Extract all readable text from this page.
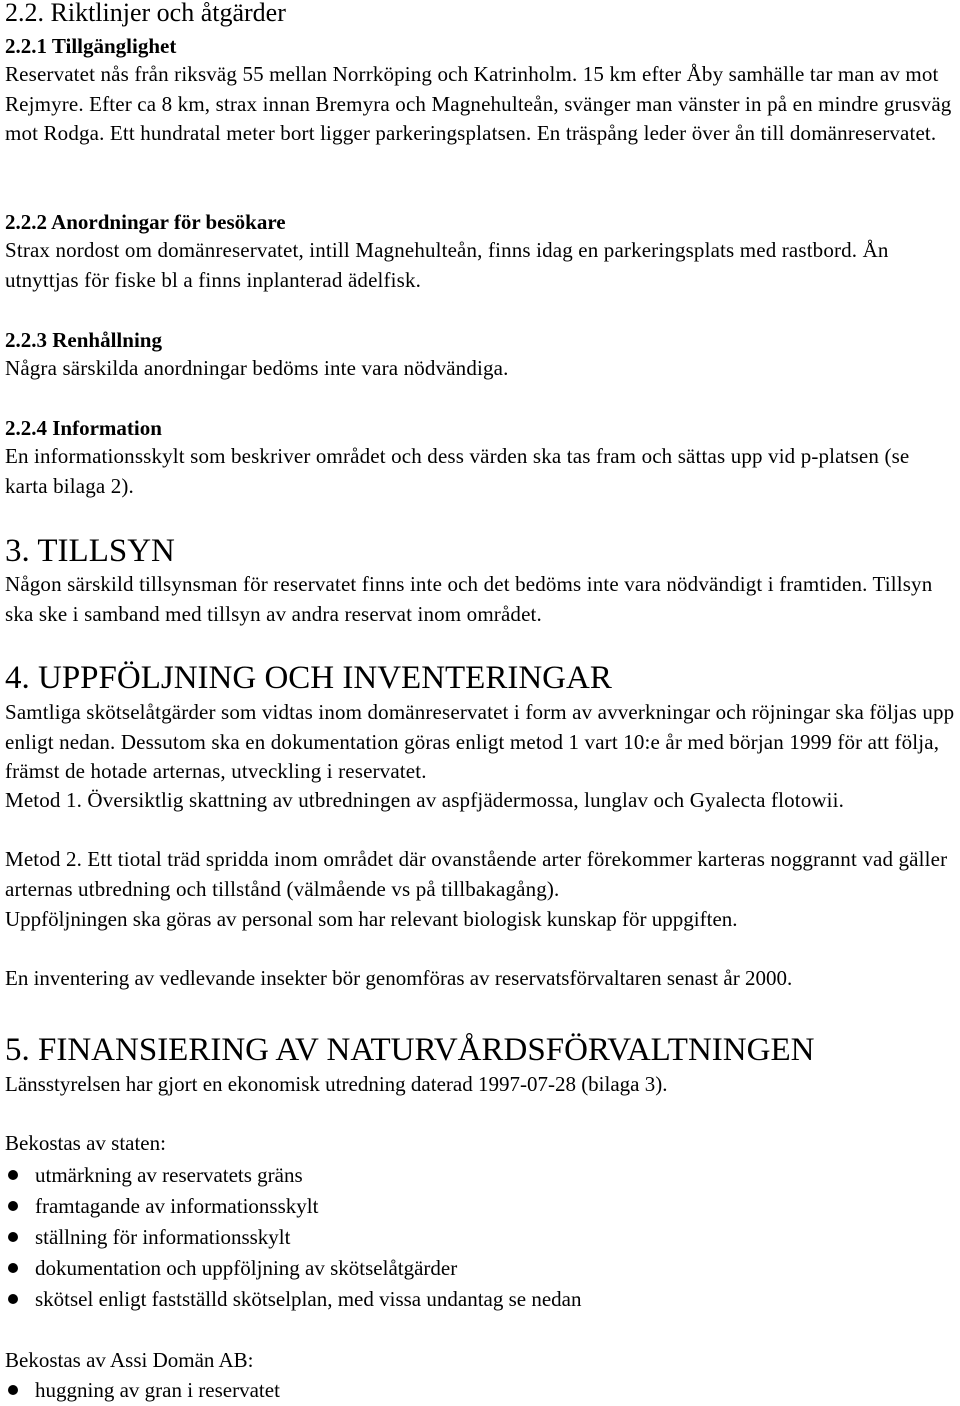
2.2. Riktlinjer och åtgärder
2.2.1 Tillgänglighet
Reservatet nås från riksväg 55 mellan Norrköping och Katrinholm. 15 km efter Åby samhälle tar man av mot Rejmyre. Efter ca 8 km, strax innan Bremyra och Magnehulteån, svänger man vänster in på en mindre grusväg mot Rodga. Ett hundratal meter bort ligger parkeringsplatsen. En träspång leder över ån till domänreservatet.
2.2.2 Anordningar för besökare
Strax nordost om domänreservatet, intill Magnehulteån, finns idag en parkeringsplats med rastbord. Ån utnyttjas för fiske bl a finns inplanterad ädelfisk.
2.2.3 Renhållning
Några särskilda anordningar bedöms inte vara nödvändiga.
2.2.4 Information
En informationsskylt som beskriver området och dess värden ska tas fram och sättas upp vid p-platsen (se karta bilaga 2).
3. TILLSYN
Någon särskild tillsynsman för reservatet finns inte och det bedöms inte vara nödvändigt i framtiden. Tillsyn ska ske i samband med tillsyn av andra reservat inom området.
4. UPPFÖLJNING OCH INVENTERINGAR
Samtliga skötselåtgärder som vidtas inom domänreservatet i form av avverkningar och röjningar ska följas upp enligt nedan. Dessutom ska en dokumentation göras enligt metod 1 vart 10:e år med början 1999 för att följa, främst de hotade arternas, utveckling i reservatet.
Metod 1. Översiktlig skattning av utbredningen av aspfjädermossa, lunglav och Gyalecta flotowii.
Metod 2. Ett tiotal träd spridda inom området där ovanstående arter förekommer karteras noggrannt vad gäller arternas utbredning och tillstånd (välmående vs på tillbakagång).
Uppföljningen ska göras av personal som har relevant biologisk kunskap för uppgiften.
En inventering av vedlevande insekter bör genomföras av reservatsförvaltaren senast år 2000.
5. FINANSIERING AV NATURVÅRDSFÖRVALTNINGEN
Länsstyrelsen har gjort en ekonomisk utredning daterad 1997-07-28 (bilaga 3).
Bekostas av staten:
utmärkning av reservatets gräns
framtagande av informationsskylt
ställning för informationsskylt
dokumentation och uppföljning av skötselåtgärder
skötsel enligt fastställd skötselplan, med vissa undantag se nedan
Bekostas av Assi Domän AB:
huggning av gran i reservatet
